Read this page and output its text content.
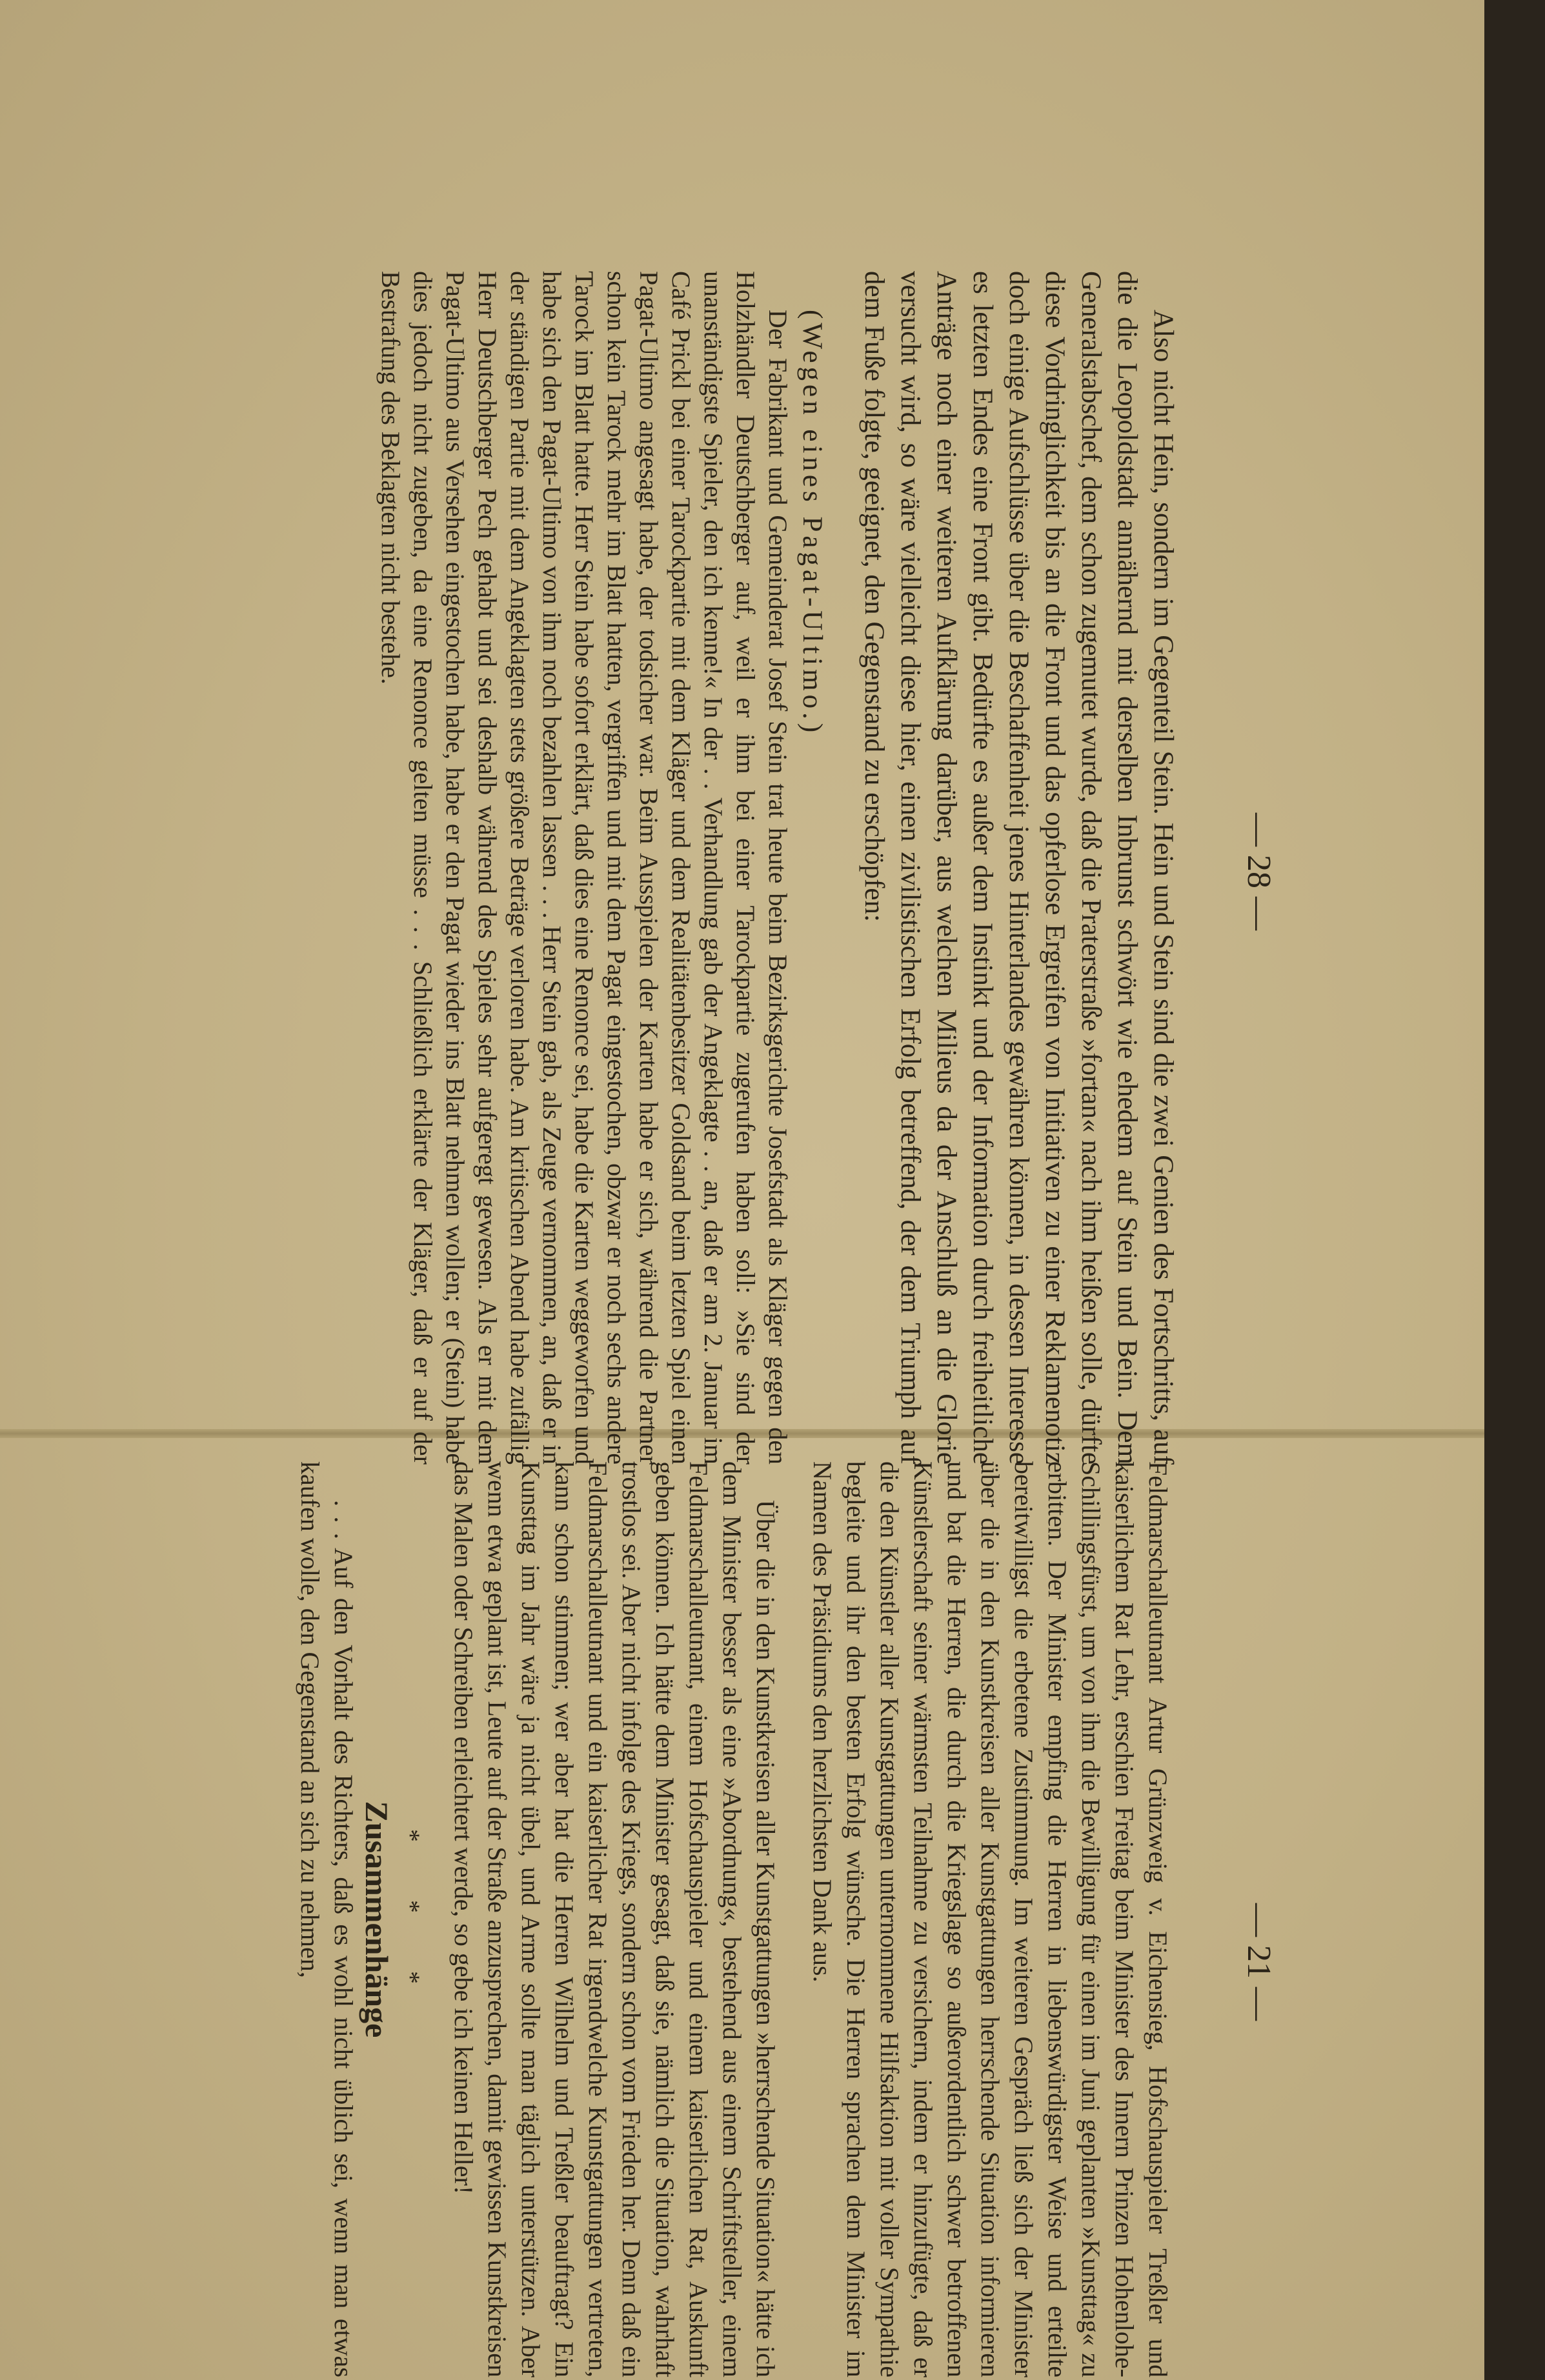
— 28 —

Also nicht Hein, sondern im Gegenteil Stein. Hein und Stein sind die zwei Genien des Fortschritts, auf die die Leopoldstadt annähernd mit derselben Inbrunst schwört wie ehedem auf Stein und Bein. Dem Generalstabschef, dem schon zugemutet wurde, daß die Praterstraße »fortan« nach ihm heißen solle, dürfte diese Vordringlichkeit bis an die Front und das opferlose Ergreifen von Initiativen zu einer Reklamenotiz doch einige Aufschlüsse über die Beschaffenheit jenes Hinterlandes gewähren können, in dessen Interesse es letzten Endes eine Front gibt. Bedürfte es außer dem Instinkt und der Information durch freiheitliche Anträge noch einer weiteren Aufklärung darüber, aus welchen Milieus da der Anschluß an die Glorie versucht wird, so wäre vielleicht diese hier, einen zivilistischen Erfolg betreffend, der dem Triumph auf dem Fuße folgte, geeignet, den Gegenstand zu erschöpfen:

(Wegen eines Pagat-Ultimo.)

Der Fabrikant und Gemeinderat Josef Stein trat heute beim Bezirksgerichte Josefstadt als Kläger gegen den Holzhändler Deutschberger auf, weil er ihm bei einer Tarockpartie zugerufen haben soll: »Sie sind der unanständigste Spieler, den ich kenne!« In der . . Verhandlung gab der Angeklagte . . an, daß er am 2. Januar im Café Prickl bei einer Tarockpartie mit dem Kläger und dem Realitätenbesitzer Goldsand beim letzten Spiel einen Pagat-Ultimo angesagt habe, der todsicher war. Beim Ausspielen der Karten habe er sich, während die Partner schon kein Tarock mehr im Blatt hatten, vergriffen und mit dem Pagat eingestochen, obzwar er noch sechs andere Tarock im Blatt hatte. Herr Stein habe sofort erklärt, daß dies eine Renonce sei, habe die Karten weggeworfen und habe sich den Pagat-Ultimo von ihm noch bezahlen lassen . . . Herr Stein gab, als Zeuge vernommen, an, daß er in der ständigen Partie mit dem Angeklagten stets größere Beträge verloren habe. Am kritischen Abend habe zufällig Herr Deutschberger Pech gehabt und sei deshalb während des Spieles sehr aufgeregt gewesen. Als er mit dem Pagat-Ultimo aus Versehen eingestochen habe, habe er den Pagat wieder ins Blatt nehmen wollen; er (Stein) habe dies jedoch nicht zugeben, da eine Renonce gelten müsse . . . Schließlich erklärte der Kläger, daß er auf der Bestrafung des Beklagten nicht bestehe.

— 21 —

Feldmarschalleutnant Artur Grünzweig v. Eichensieg, Hofschauspieler Treßler und kaiserlichem Rat Lehr, erschien Freitag beim Minister des Innern Prinzen Hohenlohe-Schillingsfürst, um von ihm die Bewilligung für einen im Juni geplanten »Kunsttag« zu erbitten. Der Minister empfing die Herren in liebenswürdigster Weise und erteilte bereitwilligst die erbetene Zustimmung. Im weiteren Gespräch ließ sich der Minister über die in den Kunstkreisen aller Kunstgattungen herrschende Situation informieren und bat die Herren, die durch die Kriegslage so außerordentlich schwer betroffenen Künstlerschaft seiner wärmsten Teilnahme zu versichern, indem er hinzufügte, daß er die den Künstler aller Kunstgattungen unternommene Hilfsaktion mit voller Sympathie begleite und ihr den besten Erfolg wünsche. Die Herren sprachen dem Minister im Namen des Präsidiums den herzlichsten Dank aus.

Über die in den Kunstkreisen aller Kunstgattungen »herrschende Situation« hätte ich dem Minister besser als eine »Abordnung«, bestehend aus einem Schriftsteller, einem Feldmarschalleutnant, einem Hofschauspieler und einem kaiserlichen Rat, Auskunft geben können. Ich hätte dem Minister gesagt, daß sie, nämlich die Situation, wahrhaft trostlos sei. Aber nicht infolge des Kriegs, sondern schon vom Frieden her. Denn daß ein Feldmarschalleutnant und ein kaiserlicher Rat irgendwelche Kunstgattungen vertreten, kann schon stimmen; wer aber hat die Herren Wilhelm und Treßler beauftragt? Ein Kunsttag im Jahr wäre ja nicht übel, und Arme sollte man täglich unterstützen. Aber wenn etwa geplant ist, Leute auf der Straße anzusprechen, damit gewissen Kunstkreisen das Malen oder Schreiben erleichtert werde, so gebe ich keinen Heller!

* * *

Zusammenhänge

. . . Auf den Vorhalt des Richters, daß es wohl nicht üblich sei, wenn man etwas kaufen wolle, den Gegenstand an sich zu nehmen,
